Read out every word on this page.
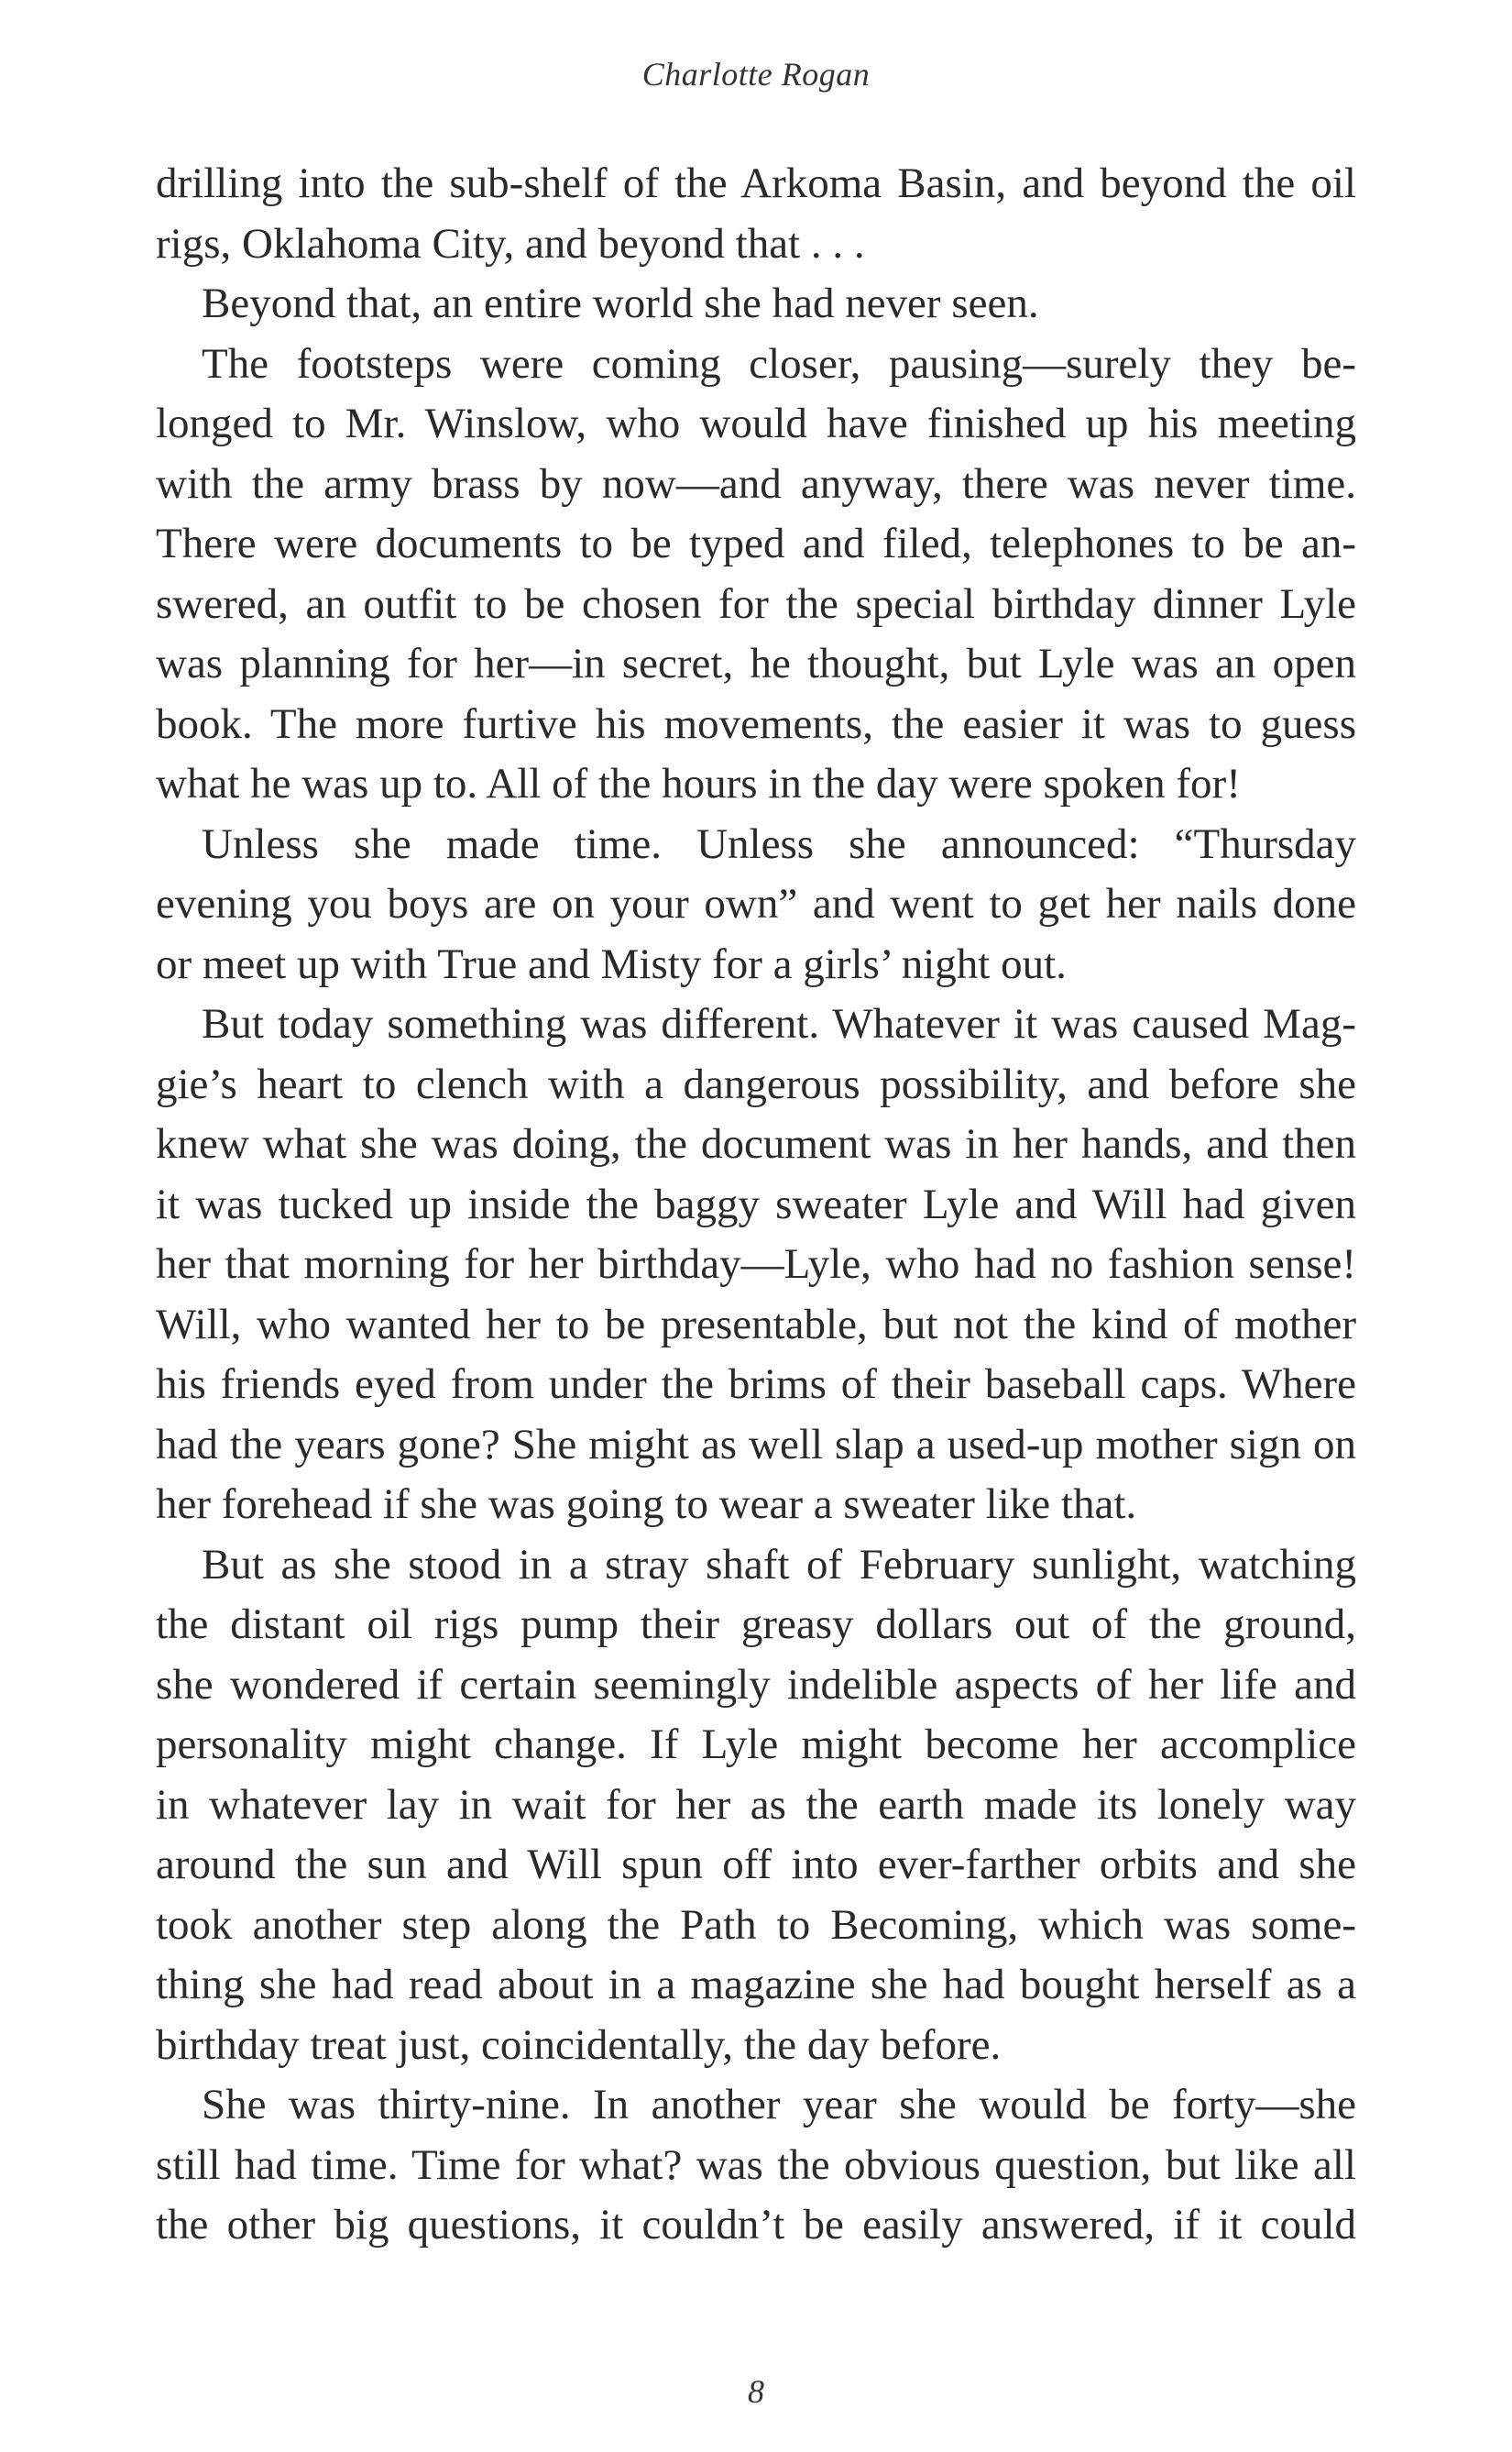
Charlotte Rogan
drilling into the sub-shelf of the Arkoma Basin, and beyond the oil
rigs, Oklahoma City, and beyond that . . .
Beyond that, an entire world she had never seen.
The footsteps were coming closer, pausing—surely they be-
longed to Mr. Winslow, who would have finished up his meeting
with the army brass by now—and anyway, there was never time.
There were documents to be typed and filed, telephones to be an-
swered, an outfit to be chosen for the special birthday dinner Lyle
was planning for her—in secret, he thought, but Lyle was an open
book. The more furtive his movements, the easier it was to guess
what he was up to. All of the hours in the day were spoken for!
Unless she made time. Unless she announced: “Thursday
evening you boys are on your own” and went to get her nails done
or meet up with True and Misty for a girls’ night out.
But today something was different. Whatever it was caused Mag-
gie’s heart to clench with a dangerous possibility, and before she
knew what she was doing, the document was in her hands, and then
it was tucked up inside the baggy sweater Lyle and Will had given
her that morning for her birthday—Lyle, who had no fashion sense!
Will, who wanted her to be presentable, but not the kind of mother
his friends eyed from under the brims of their baseball caps. Where
had the years gone? She might as well slap a used-up mother sign on
her forehead if she was going to wear a sweater like that.
But as she stood in a stray shaft of February sunlight, watching
the distant oil rigs pump their greasy dollars out of the ground,
she wondered if certain seemingly indelible aspects of her life and
personality might change. If Lyle might become her accomplice
in whatever lay in wait for her as the earth made its lonely way
around the sun and Will spun off into ever-farther orbits and she
took another step along the Path to Becoming, which was some-
thing she had read about in a magazine she had bought herself as a
birthday treat just, coincidentally, the day before.
She was thirty-nine. In another year she would be forty—she
still had time. Time for what? was the obvious question, but like all
the other big questions, it couldn’t be easily answered, if it could
8
